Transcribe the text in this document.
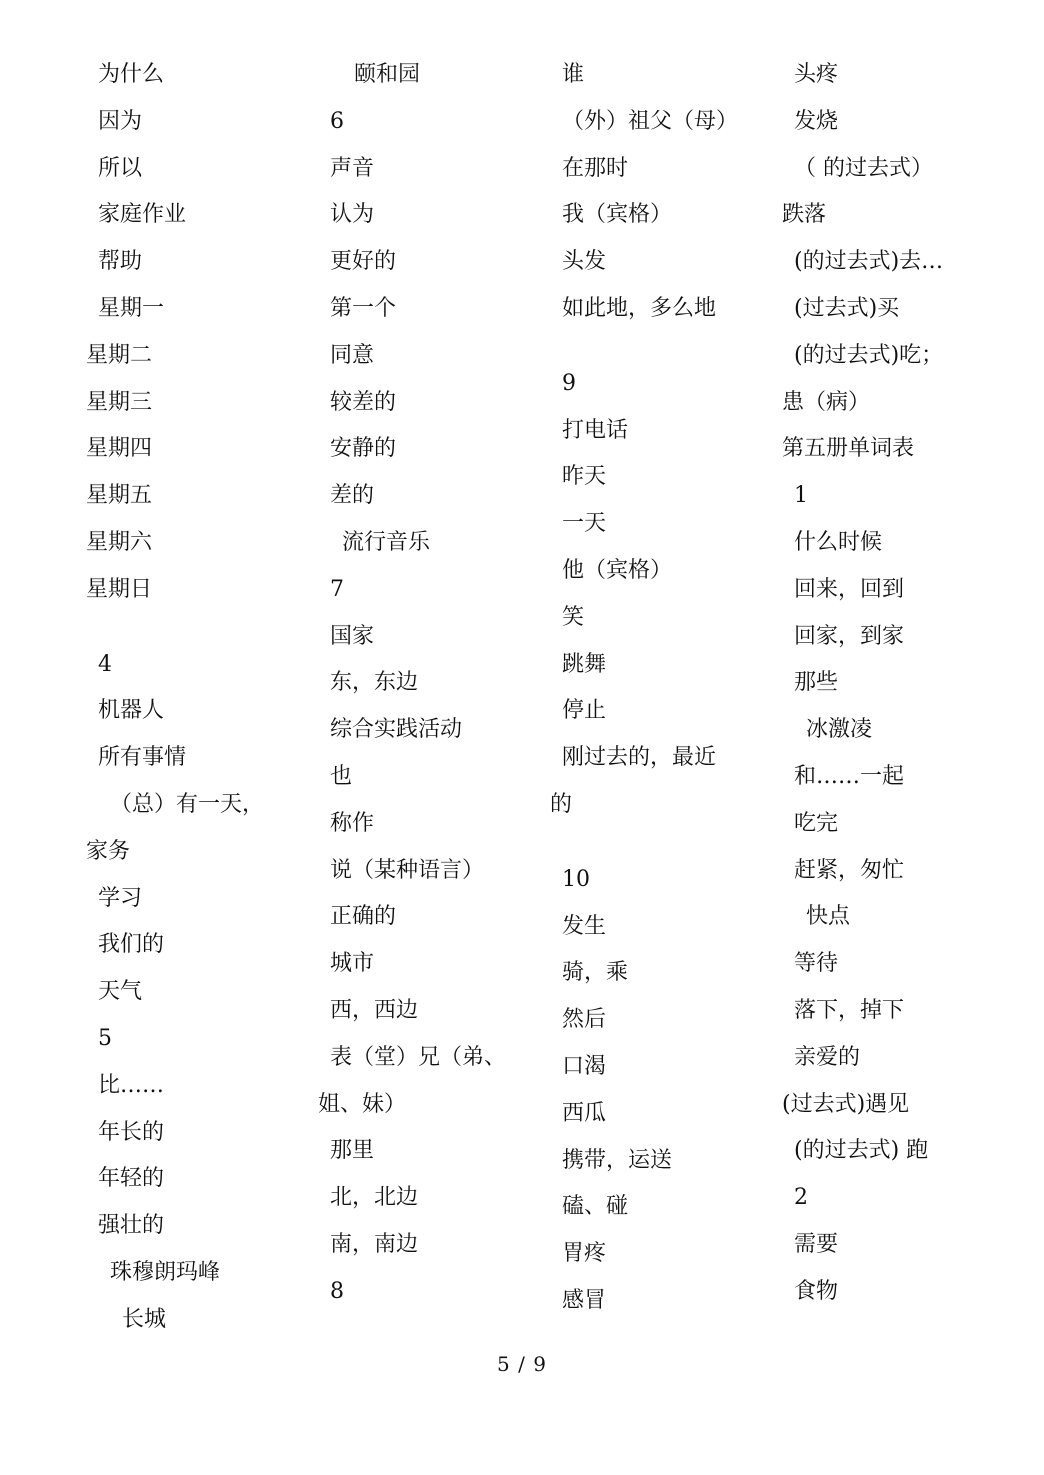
为什么
因为
所以
家庭作业
帮助
星期一
星期二
星期三
星期四
星期五
星期六
星期日
4
机器人
所有事情
（总）有一天，
家务
学习
我们的
天气
5
比……
年长的
年轻的
强壮的
珠穆朗玛峰
长城
颐和园
6
声音
认为
更好的
第一个
同意
较差的
安静的
差的
流行音乐
7
国家
东，东边
综合实践活动
也
称作
说（某种语言）
正确的
城市
西，西边
表（堂）兄（弟、
姐、妹）
那里
北，北边
南，南边
8
谁
（外）祖父（母）
在那时
我（宾格）
头发
如此地，多么地
9
打电话
昨天
一天
他（宾格）
笑
跳舞
停止
刚过去的，最近
的
10
发生
骑，乘
然后
口渴
西瓜
携带，运送
磕、碰
胃疼
感冒
头疼
发烧
（ 的过去式）
跌落
(的过去式)去…
(过去式)买
(的过去式)吃；
患（病）
第五册单词表
1
什么时候
回来，回到
回家，到家
那些
冰激凌
和……一起
吃完
赶紧，匆忙
快点
等待
落下，掉下
亲爱的
(过去式)遇见
(的过去式) 跑
2
需要
食物
5 / 9
